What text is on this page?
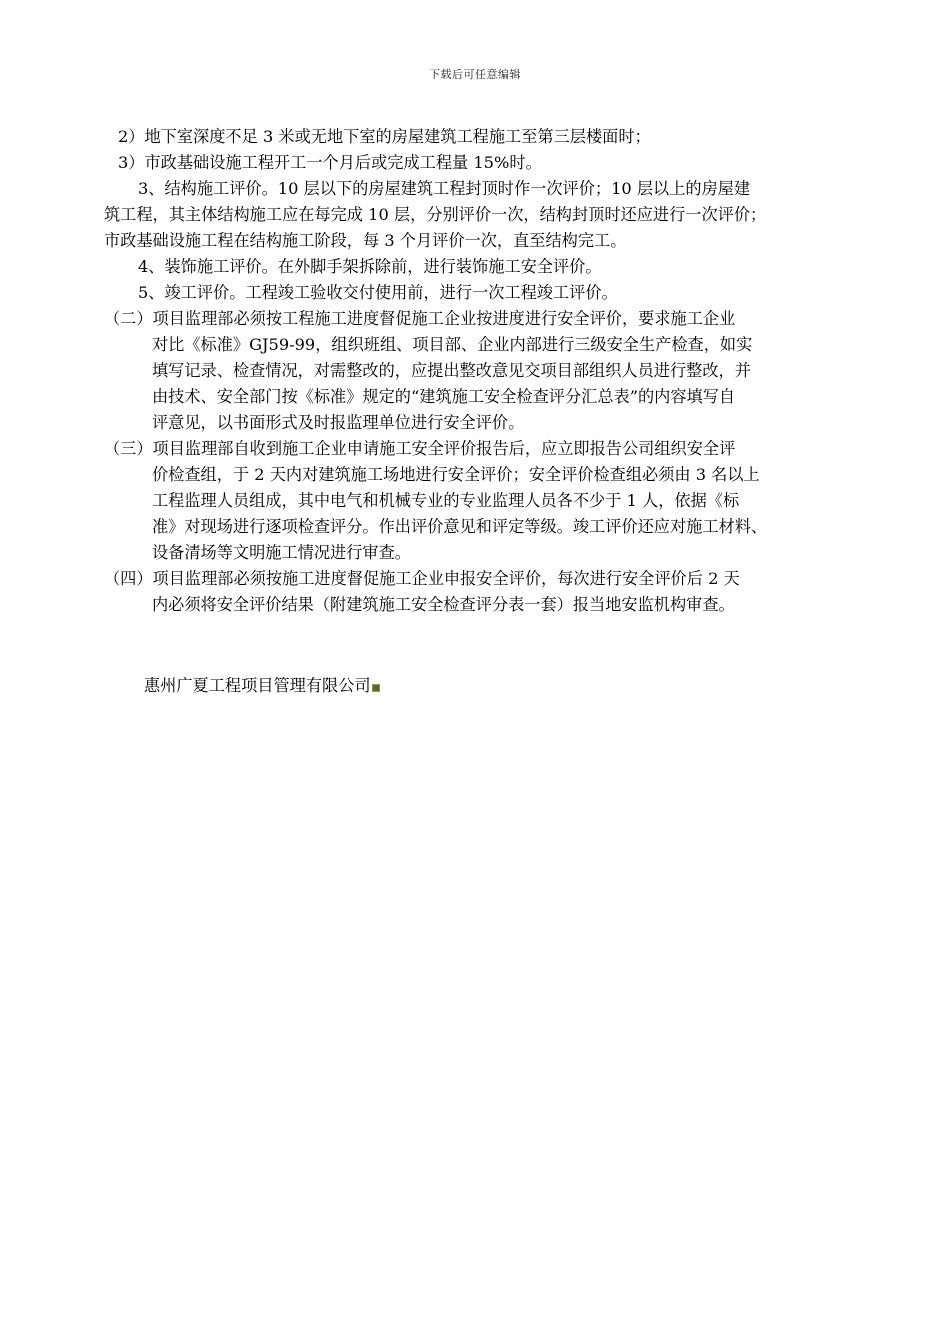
下载后可任意编辑
2）地下室深度不足 3 米或无地下室的房屋建筑工程施工至第三层楼面时；
3）市政基础设施工程开工一个月后或完成工程量 15%时。
3、结构施工评价。10 层以下的房屋建筑工程封顶时作一次评价；10 层以上的房屋建
筑工程，其主体结构施工应在每完成 10 层，分别评价一次，结构封顶时还应进行一次评价；
市政基础设施工程在结构施工阶段，每 3 个月评价一次，直至结构完工。
4、装饰施工评价。在外脚手架拆除前，进行装饰施工安全评价。
5、竣工评价。工程竣工验收交付使用前，进行一次工程竣工评价。
（二）项目监理部必须按工程施工进度督促施工企业按进度进行安全评价，要求施工企业
对比《标准》GJ59-99，组织班组、项目部、企业内部进行三级安全生产检查，如实
填写记录、检查情况，对需整改的，应提出整改意见交项目部组织人员进行整改，并
由技术、安全部门按《标准》规定的“建筑施工安全检查评分汇总表”的内容填写自
评意见，以书面形式及时报监理单位进行安全评价。
（三）项目监理部自收到施工企业申请施工安全评价报告后，应立即报告公司组织安全评
价检查组，于 2 天内对建筑施工场地进行安全评价；安全评价检查组必须由 3 名以上
工程监理人员组成，其中电气和机械专业的专业监理人员各不少于 1 人，依据《标
准》对现场进行逐项检查评分。作出评价意见和评定等级。竣工评价还应对施工材料、
设备清场等文明施工情况进行审查。
（四）项目监理部必须按施工进度督促施工企业申报安全评价，每次进行安全评价后 2 天
内必须将安全评价结果（附建筑施工安全检查评分表一套）报当地安监机构审查。
惠州广夏工程项目管理有限公司
